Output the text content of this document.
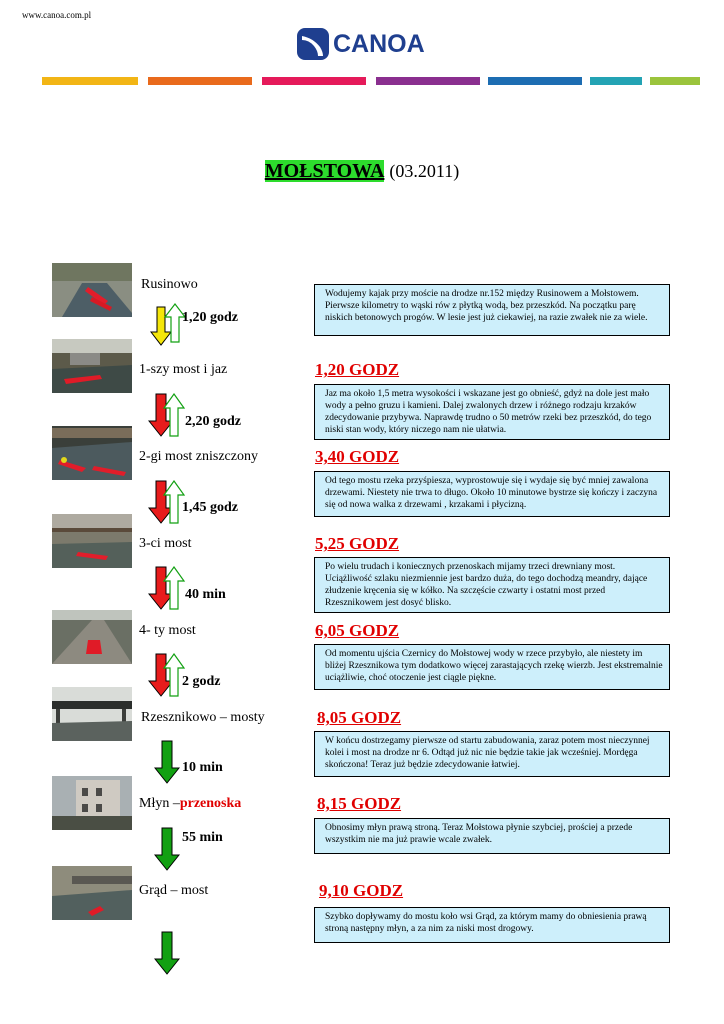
www.canoa.com.pl
CANOA
MOŁSTOWA (03.2011)
Rusinowo
1-szy most i jaz
2-gi most zniszczony
3-ci most
4- ty most
Rzesznikowo – mosty
Młyn –przenoska
Grąd – most
1,20 godz
2,20 godz
1,45 godz
40 min
2 godz
10 min
55 min
1,20 GODZ
3,40 GODZ
5,25 GODZ
6,05 GODZ
8,05 GODZ
8,15 GODZ
9,10 GODZ
Wodujemy kajak przy moście na drodze nr.152 między Rusinowem a Mołstowem. Pierwsze kilometry to wąski rów z płytką wodą, bez przeszkód. Na początku parę niskich betonowych progów. W lesie jest już ciekawiej, na razie zwałek nie za wiele.
Jaz ma około 1,5 metra wysokości i wskazane jest go obnieść, gdyż na dole jest mało wody a pełno gruzu i kamieni. Dalej zwalonych drzew i różnego rodzaju krzaków zdecydowanie przybywa. Naprawdę trudno o 50 metrów rzeki bez przeszkód, do tego niski stan wody, który niczego nam nie ułatwia.
Od tego mostu rzeka przyśpiesza, wyprostowuje się i wydaje się być mniej zawalona drzewami. Niestety nie trwa to długo. Około 10 minutowe bystrze się kończy i zaczyna się od nowa walka z drzewami , krzakami i płycizną.
Po wielu trudach i koniecznych przenoskach mijamy trzeci drewniany most. Uciążliwość szlaku niezmiennie jest bardzo duża, do tego dochodzą meandry, dające złudzenie kręcenia się w kółko. Na szczęście czwarty i ostatni most przed Rzesznikowem jest dosyć blisko.
Od momentu ujścia Czernicy do Mołstowej wody w rzece przybyło, ale niestety im bliżej Rzesznikowa tym dodatkowo więcej zarastających rzekę wierzb. Jest ekstremalnie uciążliwie, choć otoczenie jest ciągle piękne.
W końcu dostrzegamy pierwsze od startu zabudowania, zaraz potem most nieczynnej kolei i most na drodze nr 6. Odtąd już nic nie będzie takie jak wcześniej. Mordęga skończona! Teraz już będzie zdecydowanie łatwiej.
Obnosimy młyn prawą stroną. Teraz Mołstowa płynie szybciej, prościej a przede wszystkim nie ma już prawie wcale zwałek.
Szybko dopływamy do mostu koło wsi Grąd, za którym mamy do obniesienia prawą stroną następny młyn, a za nim za niski most drogowy.
